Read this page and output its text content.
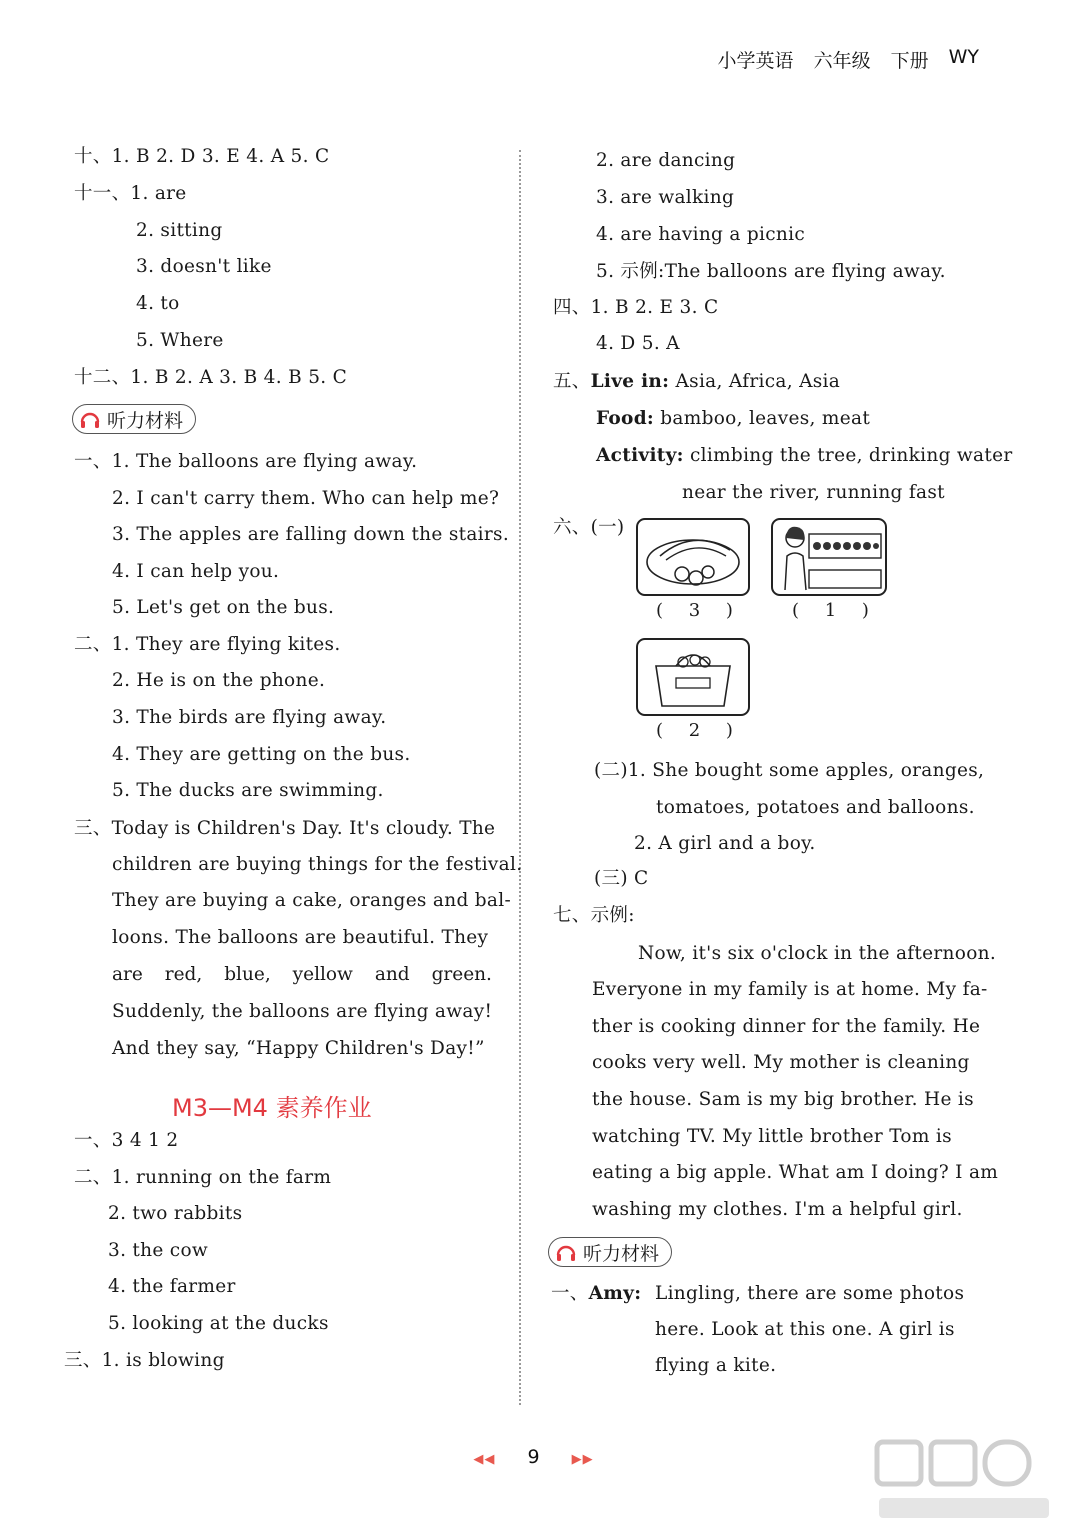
小学英语 六年级 下册 WY
十、1. B 2. D 3. E 4. A 5. C
十一、1. are
2. sitting
3. doesn't like
4. to
5. Where
十二、1. B 2. A 3. B 4. B 5. C
听力材料
一、1. The balloons are flying away.
2. I can't carry them. Who can help me?
3. The apples are falling down the stairs.
4. I can help you.
5. Let's get on the bus.
二、1. They are flying kites.
2. He is on the phone.
3. The birds are flying away.
4. They are getting on the bus.
5. The ducks are swimming.
三、Today is Children's Day. It's cloudy. The
children are buying things for the festival.
They are buying a cake, oranges and bal-
loons. The balloons are beautiful. They
are red, blue, yellow and green.
Suddenly, the balloons are flying away!
And they say, “Happy Children's Day!”
M3—M4 素养作业
一、3 4 1 2
二、1. running on the farm
2. two rabbits
3. the cow
4. the farmer
5. looking at the ducks
三、1. is blowing
2. are dancing
3. are walking
4. are having a picnic
5. 示例:The balloons are flying away.
四、1. B 2. E 3. C
4. D 5. A
五、Live in: Asia, Africa, Asia
Food: bamboo, leaves, meat
Activity: climbing the tree, drinking water
near the river, running fast
六、(一)
( 3 )	( 1 )
( 2 )
(二)1. She bought some apples, oranges,
tomatoes, potatoes and balloons.
2. A girl and a boy.
(三) C
七、示例:
Now, it's six o'clock in the afternoon.
Everyone in my family is at home. My fa-
ther is cooking dinner for the family. He
cooks very well. My mother is cleaning
the house. Sam is my big brother. He is
watching TV. My little brother Tom is
eating a big apple. What am I doing? I am
washing my clothes. I'm a helpful girl.
听力材料
一、Amy: Lingling, there are some photos
here. Look at this one. A girl is
flying a kite.
◀◀ 9 ▶▶
